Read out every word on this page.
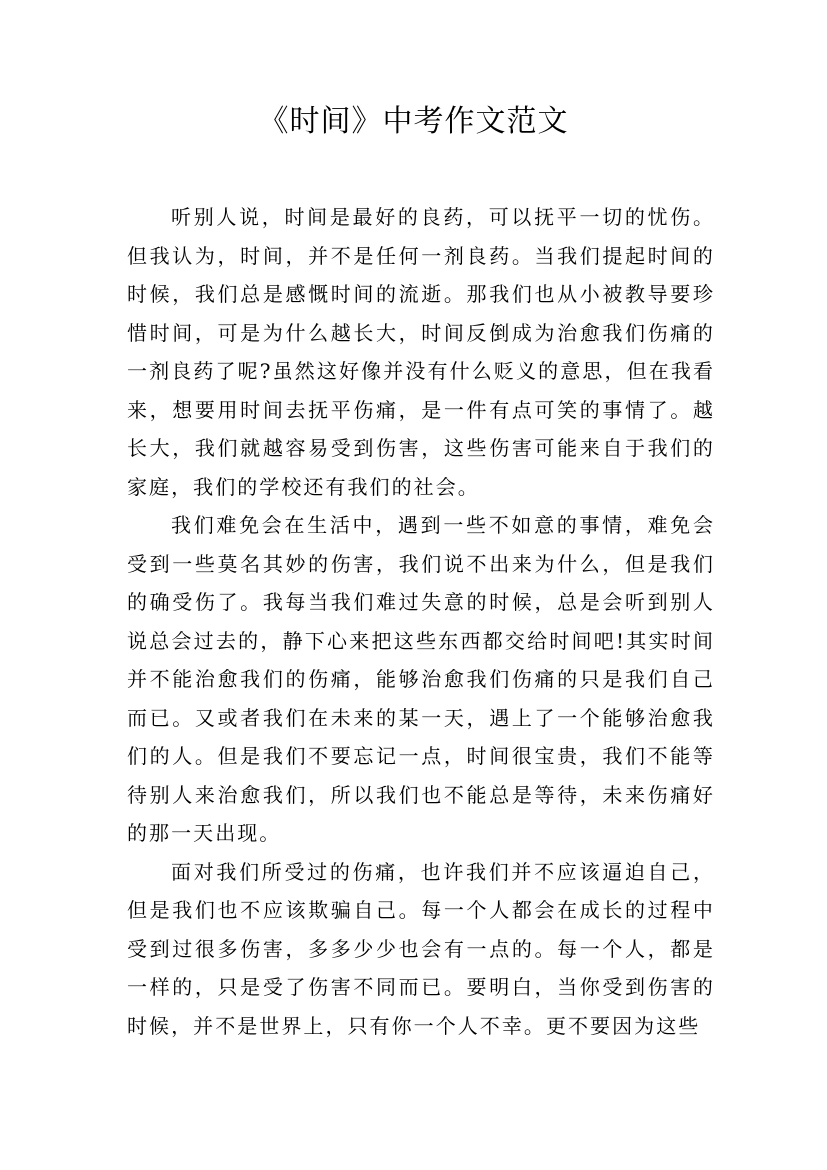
《时间》中考作文范文

听别人说，时间是最好的良药，可以抚平一切的忧伤。但我认为，时间，并不是任何一剂良药。当我们提起时间的时候，我们总是感慨时间的流逝。那我们也从小被教导要珍惜时间，可是为什么越长大，时间反倒成为治愈我们伤痛的一剂良药了呢?虽然这好像并没有什么贬义的意思，但在我看来，想要用时间去抚平伤痛，是一件有点可笑的事情了。越长大，我们就越容易受到伤害，这些伤害可能来自于我们的家庭，我们的学校还有我们的社会。

我们难免会在生活中，遇到一些不如意的事情，难免会受到一些莫名其妙的伤害，我们说不出来为什么，但是我们的确受伤了。我每当我们难过失意的时候，总是会听到别人说总会过去的，静下心来把这些东西都交给时间吧!其实时间并不能治愈我们的伤痛，能够治愈我们伤痛的只是我们自己而已。又或者我们在未来的某一天，遇上了一个能够治愈我们的人。但是我们不要忘记一点，时间很宝贵，我们不能等待别人来治愈我们，所以我们也不能总是等待，未来伤痛好的那一天出现。

面对我们所受过的伤痛，也许我们并不应该逼迫自己，但是我们也不应该欺骗自己。每一个人都会在成长的过程中受到过很多伤害，多多少少也会有一点的。每一个人，都是一样的，只是受了伤害不同而已。要明白，当你受到伤害的时候，并不是世界上，只有你一个人不幸。更不要因为这些
